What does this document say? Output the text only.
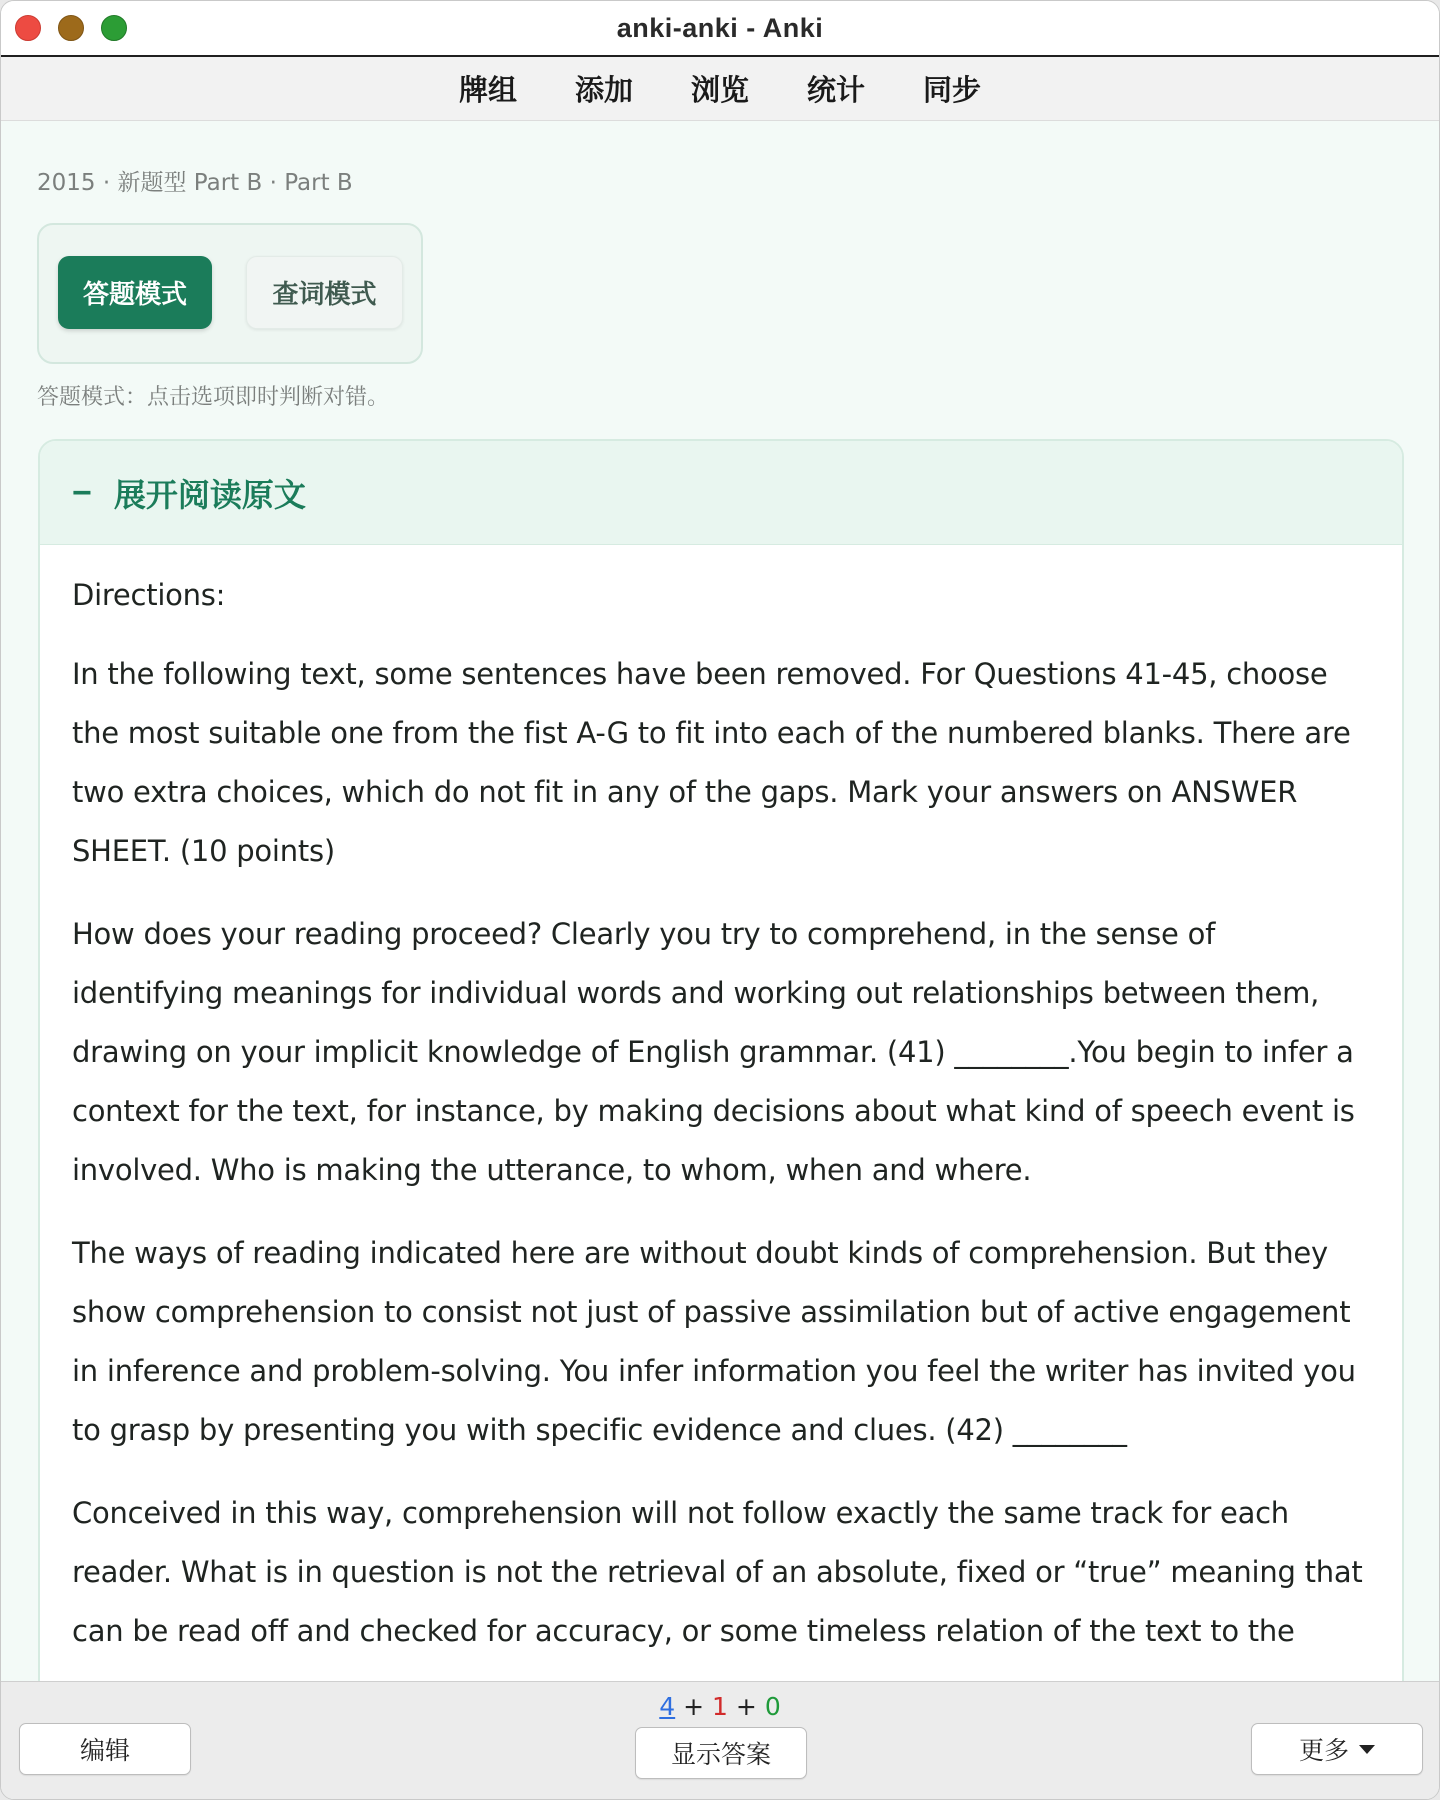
anki-anki - Anki
牌组	添加	浏览	统计	同步
2015 · 新题型 Part B · Part B
答题模式	查词模式
答题模式：点击选项即时判断对错。
− 展开阅读原文

Directions:

In the following text, some sentences have been removed. For Questions 41-45, choose the most suitable one from the fist A-G to fit into each of the numbered blanks. There are two extra choices, which do not fit in any of the gaps. Mark your answers on ANSWER SHEET. (10 points)

How does your reading proceed? Clearly you try to comprehend, in the sense of identifying meanings for individual words and working out relationships between them, drawing on your implicit knowledge of English grammar. (41) ________.You begin to infer a context for the text, for instance, by making decisions about what kind of speech event is involved. Who is making the utterance, to whom, when and where.

The ways of reading indicated here are without doubt kinds of comprehension. But they show comprehension to consist not just of passive assimilation but of active engagement in inference and problem-solving. You infer information you feel the writer has invited you to grasp by presenting you with specific evidence and clues. (42) ________

Conceived in this way, comprehension will not follow exactly the same track for each reader. What is in question is not the retrieval of an absolute, fixed or “true” meaning that can be read off and checked for accuracy, or some timeless relation of the text to the

4 + 1 + 0
编辑	显示答案	更多
